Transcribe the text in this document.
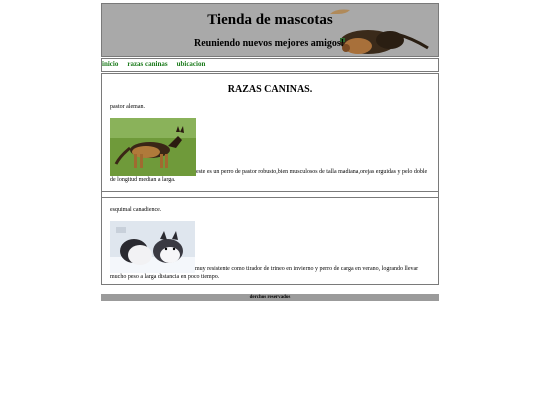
Tienda de mascotas
Reuniendo nuevos mejores amigos!
inicio razas caninas ubicacion
RAZAS CANINAS.
pastor aleman.
este es un perro de pastor robusto,bien musculosos de talla madiana,orejas erguidas y pelo doble de longitud median a larga.
esquimal canadience.
muy resistente como tirador de trineo en invierno y perro de carga en verano, logrando llevar mucho peso a larga distancia en poco tiempo.
derchos reservados
